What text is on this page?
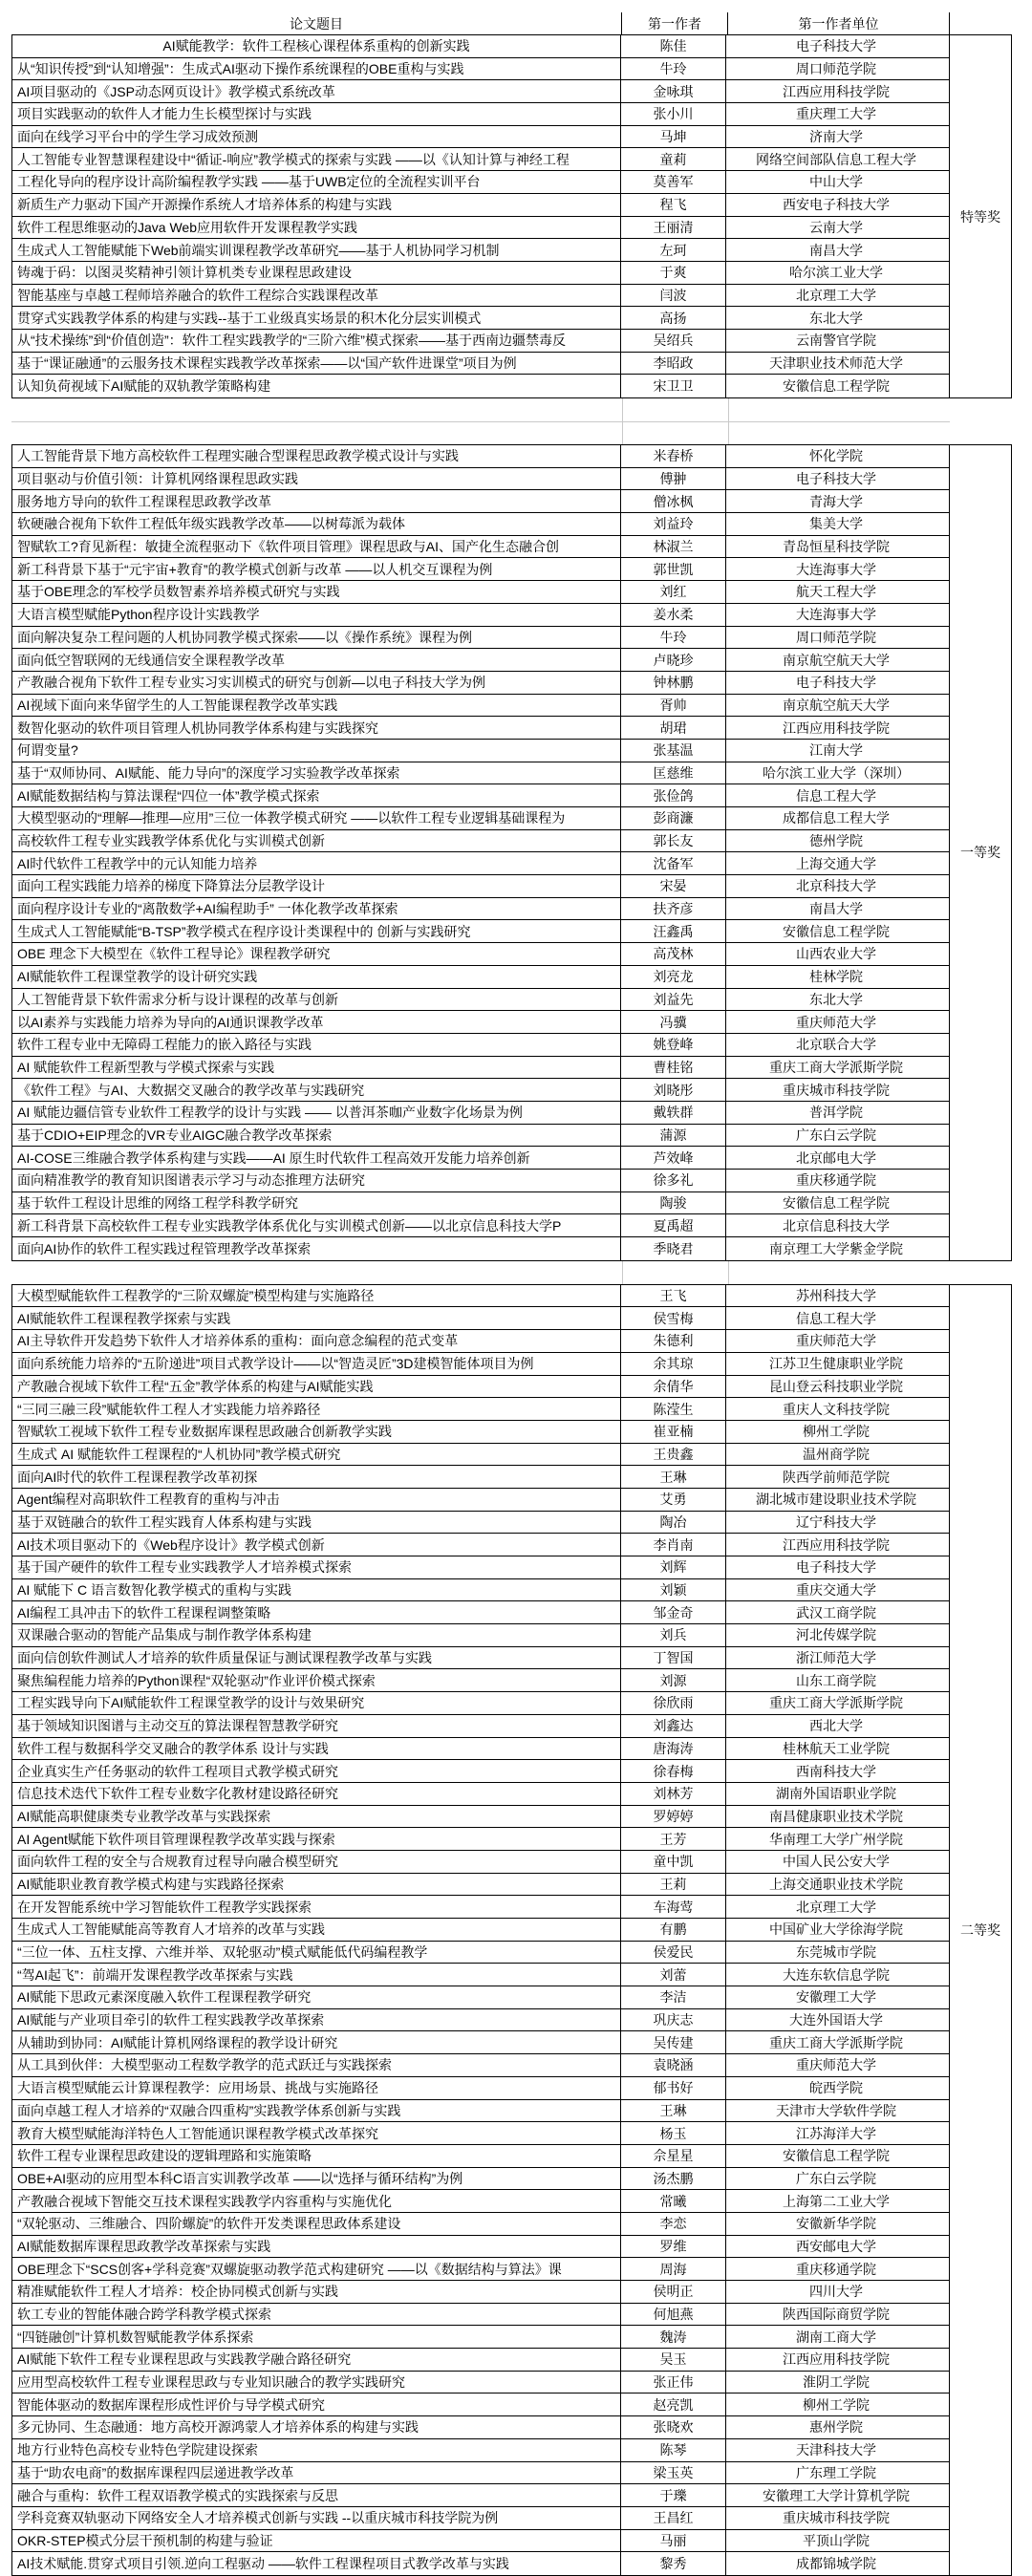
论文题目	第一作者	第一作者单位
AI赋能教学：软件工程核心课程体系重构的创新实践	陈佳	电子科技大学
从“知识传授”到“认知增强”：生成式AI驱动下操作系统课程的OBE重构与实践	牛玲	周口师范学院
AI项目驱动的《JSP动态网页设计》教学模式系统改革	金咏琪	江西应用科技学院
项目实践驱动的软件人才能力生长模型探讨与实践	张小川	重庆理工大学
面向在线学习平台中的学生学习成效预测	马坤	济南大学
人工智能专业智慧课程建设中“循证-响应”教学模式的探索与实践 ——以《认知计算与神经工程	童莉	网络空间部队信息工程大学
工程化导向的程序设计高阶编程教学实践 ——基于UWB定位的全流程实训平台	莫善军	中山大学
新质生产力驱动下国产开源操作系统人才培养体系的构建与实践	程飞	西安电子科技大学
软件工程思维驱动的Java Web应用软件开发课程教学实践	王丽清	云南大学
生成式人工智能赋能下Web前端实训课程教学改革研究——基于人机协同学习机制	左珂	南昌大学
铸魂于码：以图灵奖精神引领计算机类专业课程思政建设	于爽	哈尔滨工业大学
智能基座与卓越工程师培养融合的软件工程综合实践课程改革	闫波	北京理工大学
贯穿式实践教学体系的构建与实践--基于工业级真实场景的积木化分层实训模式	高扬	东北大学
从“技术操练”到“价值创造”：软件工程实践教学的“三阶六维”模式探索——基于西南边疆禁毒反	吴绍兵	云南警官学院
基于“课证融通”的云服务技术课程实践教学改革探索——以“国产软件进课堂”项目为例	李昭政	天津职业技术师范大学
认知负荷视域下AI赋能的双轨教学策略构建	宋卫卫	安徽信息工程学院
特等奖
人工智能背景下地方高校软件工程理实融合型课程思政教学模式设计与实践	米春桥	怀化学院
项目驱动与价值引领：计算机网络课程思政实践	傅翀	电子科技大学
服务地方导向的软件工程课程思政教学改革	僧冰枫	青海大学
软硬融合视角下软件工程低年级实践教学改革——以树莓派为载体	刘益玲	集美大学
智赋软工?育见新程：敏捷全流程驱动下《软件项目管理》课程思政与AI、国产化生态融合创	林淑兰	青岛恒星科技学院
新工科背景下基于“元宇宙+教育”的教学模式创新与改革 ——以人机交互课程为例	郭世凯	大连海事大学
基于OBE理念的军校学员数智素养培养模式研究与实践	刘红	航天工程大学
大语言模型赋能Python程序设计实践教学	姜水柔	大连海事大学
面向解决复杂工程问题的人机协同教学模式探索——以《操作系统》课程为例	牛玲	周口师范学院
面向低空智联网的无线通信安全课程教学改革	卢晓珍	南京航空航天大学
产教融合视角下软件工程专业实习实训模式的研究与创新—以电子科技大学为例	钟林鹏	电子科技大学
AI视域下面向来华留学生的人工智能课程教学改革实践	胥帅	南京航空航天大学
数智化驱动的软件项目管理人机协同教学体系构建与实践探究	胡珺	江西应用科技学院
何谓变量?	张基温	江南大学
基于“双师协同、AI赋能、能力导向”的深度学习实验教学改革探索	匡慈维	哈尔滨工业大学（深圳）
AI赋能数据结构与算法课程“四位一体”教学模式探索	张俭鸽	信息工程大学
大模型驱动的“理解—推理—应用”三位一体教学模式研究 ——以软件工程专业逻辑基础课程为	彭商濂	成都信息工程大学
高校软件工程专业实践教学体系优化与实训模式创新	郭长友	德州学院
AI时代软件工程教学中的元认知能力培养	沈备军	上海交通大学
面向工程实践能力培养的梯度下降算法分层教学设计	宋晏	北京科技大学
面向程序设计专业的“离散数学+AI编程助手” 一体化教学改革探索	扶齐彦	南昌大学
生成式人工智能赋能“B-TSP”教学模式在程序设计类课程中的 创新与实践研究	汪鑫禹	安徽信息工程学院
OBE 理念下大模型在《软件工程导论》课程教学研究	高茂林	山西农业大学
AI赋能软件工程课堂教学的设计研究实践	刘亮龙	桂林学院
人工智能背景下软件需求分析与设计课程的改革与创新	刘益先	东北大学
以AI素养与实践能力培养为导向的AI通识课教学改革	冯骥	重庆师范大学
软件工程专业中无障碍工程能力的嵌入路径与实践	姚登峰	北京联合大学
AI 赋能软件工程新型教与学模式探索与实践	曹桂铭	重庆工商大学派斯学院
《软件工程》与AI、大数据交叉融合的教学改革与实践研究	刘晓彤	重庆城市科技学院
AI 赋能边疆信管专业软件工程教学的设计与实践 —— 以普洱茶咖产业数字化场景为例	戴轶群	普洱学院
基于CDIO+EIP理念的VR专业AIGC融合教学改革探索	蒲源	广东白云学院
AI-COSE三维融合教学体系构建与实践——AI 原生时代软件工程高效开发能力培养创新	芦效峰	北京邮电大学
面向精准教学的教育知识图谱表示学习与动态推理方法研究	徐多礼	重庆移通学院
基于软件工程设计思维的网络工程学科教学研究	陶骏	安徽信息工程学院
新工科背景下高校软件工程专业实践教学体系优化与实训模式创新——以北京信息科技大学P	夏禹超	北京信息科技大学
面向AI协作的软件工程实践过程管理教学改革探索	季晓君	南京理工大学紫金学院
一等奖
大模型赋能软件工程教学的“三阶双螺旋”模型构建与实施路径	王飞	苏州科技大学
AI赋能软件工程课程教学探索与实践	侯雪梅	信息工程大学
AI主导软件开发趋势下软件人才培养体系的重构：面向意念编程的范式变革	朱德利	重庆师范大学
面向系统能力培养的“五阶递进”项目式教学设计——以“智造灵匠”3D建模智能体项目为例	余其琼	江苏卫生健康职业学院
产教融合视域下软件工程“五金”教学体系的构建与AI赋能实践	余倩华	昆山登云科技职业学院
“三同三融三段”赋能软件工程人才实践能力培养路径	陈滢生	重庆人文科技学院
智赋软工视域下软件工程专业数据库课程思政融合创新教学实践	崔亚楠	柳州工学院
生成式 AI 赋能软件工程课程的“人机协同”教学模式研究	王贵鑫	温州商学院
面向AI时代的软件工程课程教学改革初探	王琳	陕西学前师范学院
Agent编程对高职软件工程教育的重构与冲击	艾勇	湖北城市建设职业技术学院
基于双链融合的软件工程实践育人体系构建与实践	陶冶	辽宁科技大学
AI技术项目驱动下的《Web程序设计》教学模式创新	李肖南	江西应用科技学院
基于国产硬件的软件工程专业实践教学人才培养模式探索	刘辉	电子科技大学
AI 赋能下 C 语言数智化教学模式的重构与实践	刘颖	重庆交通大学
AI编程工具冲击下的软件工程课程调整策略	邹金奇	武汉工商学院
双课融合驱动的智能产品集成与制作教学体系构建	刘兵	河北传媒学院
面向信创软件测试人才培养的软件质量保证与测试课程教学改革与实践	丁智国	浙江师范大学
聚焦编程能力培养的Python课程“双轮驱动”作业评价模式探索	刘源	山东工商学院
工程实践导向下AI赋能软件工程课堂教学的设计与效果研究	徐欣雨	重庆工商大学派斯学院
基于领域知识图谱与主动交互的算法课程智慧教学研究	刘鑫达	西北大学
软件工程与数据科学交叉融合的教学体系 设计与实践	唐海涛	桂林航天工业学院
企业真实生产任务驱动的软件工程项目式教学模式研究	徐春梅	西南科技大学
信息技术迭代下软件工程专业数字化教材建设路径研究	刘林芳	湖南外国语职业学院
AI赋能高职健康类专业教学改革与实践探索	罗婷婷	南昌健康职业技术学院
AI Agent赋能下软件项目管理课程教学改革实践与探索	王芳	华南理工大学广州学院
面向软件工程的安全与合规教育过程导向融合模型研究	童中凯	中国人民公安大学
AI赋能职业教育教学模式构建与实践路径探索	王莉	上海交通职业技术学院
在开发智能系统中学习智能软件工程教学实践探索	车海莺	北京理工大学
生成式人工智能赋能高等教育人才培养的改革与实践	有鹏	中国矿业大学徐海学院
“三位一体、五柱支撑、六维并举、双轮驱动”模式赋能低代码编程教学	侯爱民	东莞城市学院
“驾AI起飞”：前端开发课程教学改革探索与实践	刘蕾	大连东软信息学院
AI赋能下思政元素深度融入软件工程课程教学研究	李洁	安徽理工大学
AI赋能与产业项目牵引的软件工程实践教学改革探索	巩庆志	大连外国语大学
从辅助到协同：AI赋能计算机网络课程的教学设计研究	吴传建	重庆工商大学派斯学院
从工具到伙伴：大模型驱动工程数学教学的范式跃迁与实践探索	袁晓涵	重庆师范大学
大语言模型赋能云计算课程教学：应用场景、挑战与实施路径	郁书好	皖西学院
面向卓越工程人才培养的“双融合四重构”实践教学体系创新与实践	王琳	天津市大学软件学院
教育大模型赋能海洋特色人工智能通识课程教学模式改革探究	杨玉	江苏海洋大学
软件工程专业课程思政建设的逻辑理路和实施策略	佘星星	安徽信息工程学院
OBE+AI驱动的应用型本科C语言实训教学改革 ——以“选择与循环结构”为例	汤杰鹏	广东白云学院
产教融合视域下智能交互技术课程实践教学内容重构与实施优化	常曦	上海第二工业大学
“双轮驱动、三维融合、四阶螺旋”的软件开发类课程思政体系建设	李恋	安徽新华学院
AI赋能数据库课程思政教学改革探索与实践	罗维	西安邮电大学
OBE理念下“SCS创客+学科竞赛”双螺旋驱动教学范式构建研究 ——以《数据结构与算法》课	周海	重庆移通学院
精准赋能软件工程人才培养：校企协同模式创新与实践	侯明正	四川大学
软工专业的智能体融合跨学科教学模式探索	何旭燕	陕西国际商贸学院
“四链融创”计算机数智赋能教学体系探索	魏涛	湖南工商大学
AI赋能下软件工程专业课程思政与实践教学融合路径研究	吴玉	江西应用科技学院
应用型高校软件工程专业课程思政与专业知识融合的教学实践研究	张正伟	淮阴工学院
智能体驱动的数据库课程形成性评价与导学模式研究	赵亮凯	柳州工学院
多元协同、生态融通：地方高校开源鸿蒙人才培养体系的构建与实践	张晓欢	惠州学院
地方行业特色高校专业特色学院建设探索	陈琴	天津科技大学
基于“助农电商”的数据库课程四层递进教学改革	梁玉英	广东理工学院
融合与重构：软件工程双语教学模式的实践探索与反思	于瓅	安徽理工大学计算机学院
学科竞赛双轨驱动下网络安全人才培养模式创新与实践 --以重庆城市科技学院为例	王昌红	重庆城市科技学院
OKR-STEP模式分层干预机制的构建与验证	马丽	平顶山学院
AI技术赋能.贯穿式项目引领.逆向工程驱动 ——软件工程课程项目式教学改革与实践	黎秀	成都锦城学院
二等奖
